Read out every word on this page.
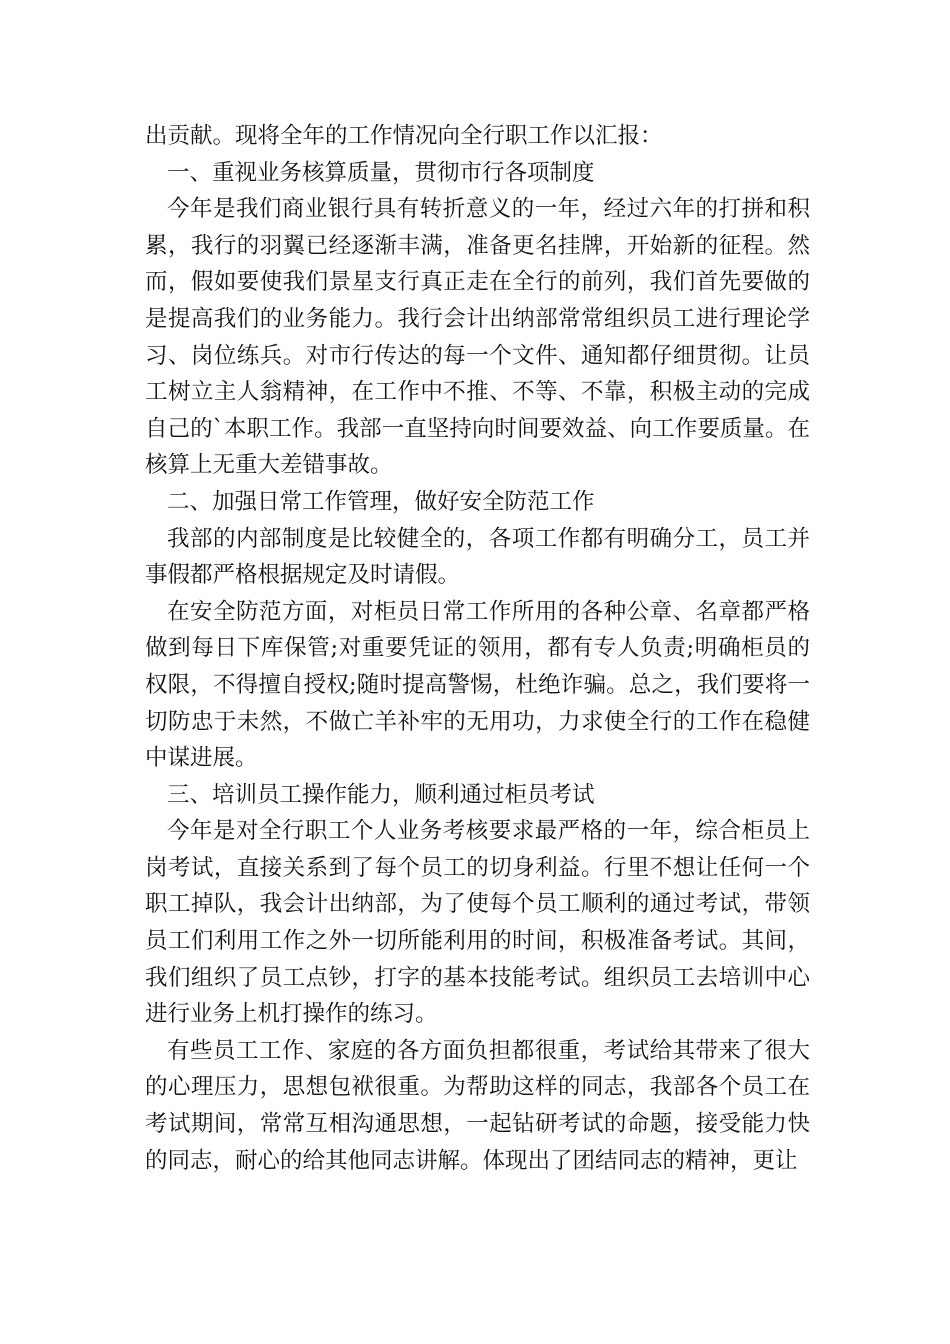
出贡献。现将全年的工作情况向全行职工作以汇报：

一、重视业务核算质量，贯彻市行各项制度

今年是我们商业银行具有转折意义的一年，经过六年的打拼和积累，我行的羽翼已经逐渐丰满，准备更名挂牌，开始新的征程。然而，假如要使我们景星支行真正走在全行的前列，我们首先要做的是提高我们的业务能力。我行会计出纳部常常组织员工进行理论学习、岗位练兵。对市行传达的每一个文件、通知都仔细贯彻。让员工树立主人翁精神，在工作中不推、不等、不靠，积极主动的完成自己的`本职工作。我部一直坚持向时间要效益、向工作要质量。在核算上无重大差错事故。

二、加强日常工作管理，做好安全防范工作

我部的内部制度是比较健全的，各项工作都有明确分工，员工并事假都严格根据规定及时请假。

在安全防范方面，对柜员日常工作所用的各种公章、名章都严格做到每日下库保管;对重要凭证的领用，都有专人负责;明确柜员的权限，不得擅自授权;随时提高警惕，杜绝诈骗。总之，我们要将一切防忠于未然，不做亡羊补牢的无用功，力求使全行的工作在稳健中谋进展。

三、培训员工操作能力，顺利通过柜员考试

今年是对全行职工个人业务考核要求最严格的一年，综合柜员上岗考试，直接关系到了每个员工的切身利益。行里不想让任何一个职工掉队，我会计出纳部，为了使每个员工顺利的通过考试，带领员工们利用工作之外一切所能利用的时间，积极准备考试。其间，我们组织了员工点钞，打字的基本技能考试。组织员工去培训中心进行业务上机打操作的练习。

有些员工工作、家庭的各方面负担都很重，考试给其带来了很大的心理压力，思想包袱很重。为帮助这样的同志，我部各个员工在考试期间，常常互相沟通思想，一起钻研考试的命题，接受能力快的同志，耐心的给其他同志讲解。体现出了团结同志的精神，更让
